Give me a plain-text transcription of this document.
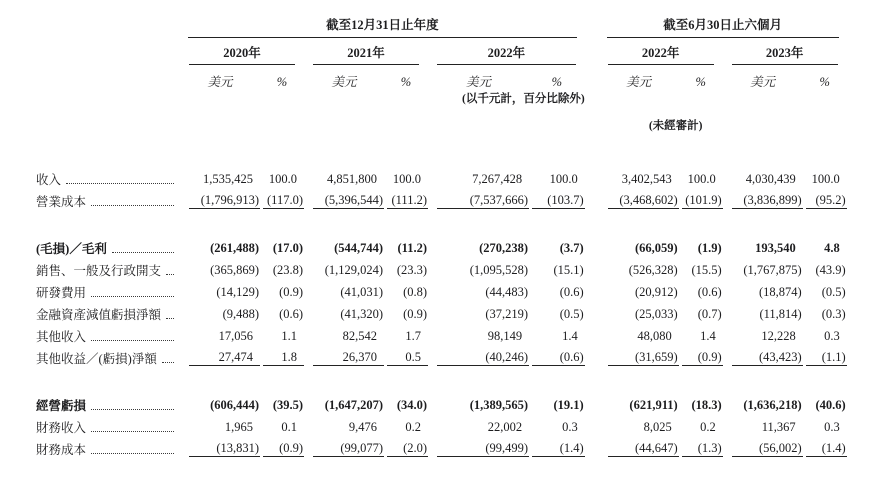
	截至12月31日止年度							截至6月30日止六個月			

	2020年		2021年		2022年			2022年		2023年	

	美元	%	美元	%	美元	%		美元	%	美元	%
					(以千元計，百分比除外)						
								(未經審計)			

收入	1,535,425	100.0	4,851,800	100.0	7,267,428	100.0		3,402,543	100.0	4,030,439	100.0

營業成本	(1,796,913)	(117.0)	(5,396,544)	(111.2)	(7,537,666)	(103.7)		(3,468,602)	(101.9)	(3,836,899)	(95.2)

(毛損)／毛利	(261,488)	(17.0)	(544,744)	(11.2)	(270,238)	(3.7)		(66,059)	(1.9)	193,540	4.8

銷售、一般及行政開支	(365,869)	(23.8)	(1,129,024)	(23.3)	(1,095,528)	(15.1)		(526,328)	(15.5)	(1,767,875)	(43.9)

研發費用	(14,129)	(0.9)	(41,031)	(0.8)	(44,483)	(0.6)		(20,912)	(0.6)	(18,874)	(0.5)

金融資產減值虧損淨額	(9,488)	(0.6)	(41,320)	(0.9)	(37,219)	(0.5)		(25,033)	(0.7)	(11,814)	(0.3)

其他收入	17,056	1.1	82,542	1.7	98,149	1.4		48,080	1.4	12,228	0.3

其他收益／(虧損)淨額	27,474	1.8	26,370	0.5	(40,246)	(0.6)		(31,659)	(0.9)	(43,423)	(1.1)

經營虧損	(606,444)	(39.5)	(1,647,207)	(34.0)	(1,389,565)	(19.1)		(621,911)	(18.3)	(1,636,218)	(40.6)

財務收入	1,965	0.1	9,476	0.2	22,002	0.3		8,025	0.2	11,367	0.3

財務成本	(13,831)	(0.9)	(99,077)	(2.0)	(99,499)	(1.4)		(44,647)	(1.3)	(56,002)	(1.4)
